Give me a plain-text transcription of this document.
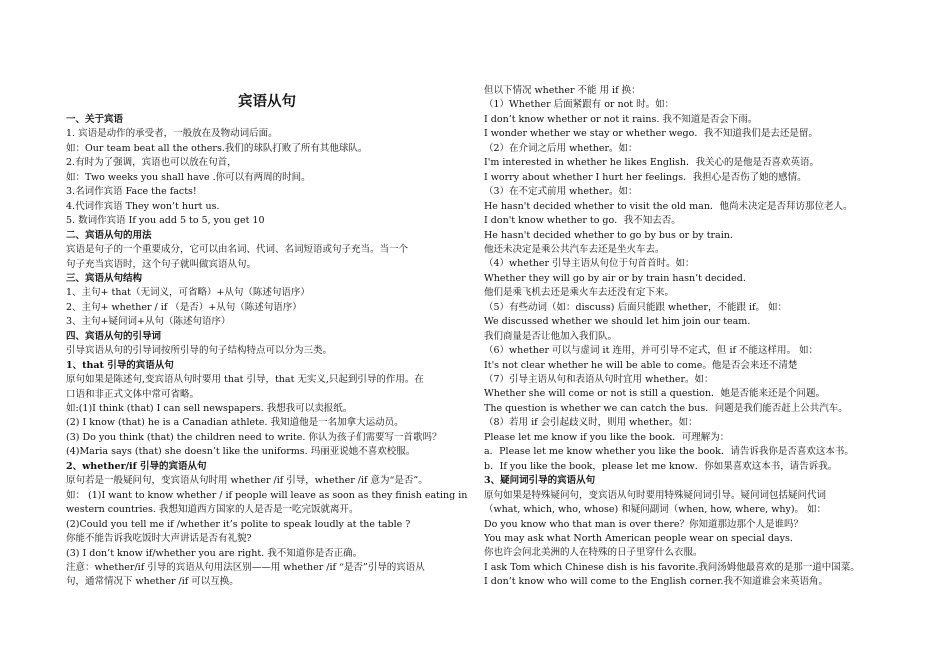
宾语从句
一、关于宾语
1. 宾语是动作的承受者，一般放在及物动词后面。
如：Our team beat all the others.我们的球队打败了所有其他球队。
2.有时为了强调，宾语也可以放在句首，
如：Two weeks you shall have .你可以有两周的时间。
3.名词作宾语 Face the facts!
4.代词作宾语 They won’t hurt us.
5. 数词作宾语 If you add 5 to 5, you get 10
二、宾语从句的用法
宾语是句子的一个重要成分，它可以由名词、代词、名词短语或句子充当。当一个
句子充当宾语时，这个句子就叫做宾语从句。
三、宾语从句结构
1、主句+ that（无词义，可省略）+从句（陈述句语序）
2、主句+ whether / if （是否）+从句（陈述句语序）
3、主句+疑问词+从句（陈述句语序）
四、宾语从句的引导词
引导宾语从句的引导词按所引导的句子结构特点可以分为三类。
1、that 引导的宾语从句
原句如果是陈述句,变宾语从句时要用 that 引导，that 无实义,只起到引导的作用。在
口语和非正式文体中常可省略。
如:(1)I think (that) I can sell newspapers. 我想我可以卖报纸。
(2) I know (that) he is a Canadian athlete. 我知道他是一名加拿大运动员。
(3) Do you think (that) the children need to write. 你认为孩子们需要写一首歌吗？
(4)Maria says (that) she doesn’t like the uniforms. 玛丽亚说她不喜欢校服。
2、whether/if 引导的宾语从句
原句若是一般疑问句，变宾语从句时用 whether /if 引导，whether /if 意为“是否”。
如： (1)I want to know whether / if people will leave as soon as they finish eating in
western countries. 我想知道西方国家的人是否是一吃完饭就离开。
(2)Could you tell me if /whether it’s polite to speak loudly at the table ?
你能不能告诉我吃饭时大声讲话是否有礼貌?
(3) I don’t know if/whether you are right. 我不知道你是否正确。
注意：whether/if 引导的宾语从句用法区别——用 whether /if “是否”引导的宾语从
句，通常情况下 whether /if 可以互换。
但以下情况 whether 不能 用 if 换：
（1）Whether 后面紧跟有 or not 时。如：
I don’t know whether or not it rains. 我不知道是否会下雨。
I wonder whether we stay or whether wego．我不知道我们是去还是留。
（2）在介词之后用 whether。如：
I'm interested in whether he likes English．我关心的是他是否喜欢英语。
I worry about whether I hurt her feelings．我担心是否伤了她的感情。
（3）在不定式前用 whether。如：
He hasn't decided whether to visit the old man．他尚未决定是否拜访那位老人。
I don't know whether to go．我不知去否。
He hasn't decided whether to go by bus or by train．
他还未决定是乘公共汽车去还是坐火车去。
（4）whether 引导主语从句位于句首首时。如：
Whether they will go by air or by train hasn’t decided.
他们是乘飞机去还是乘火车去还没有定下来。
（5）有些动词（如：discuss) 后面只能跟 whether，不能跟 if。 如：
We discussed whether we should let him join our team.
我们商量是否让他加入我们队。
（6）whether 可以与虚词 it 连用，并可引导不定式，但 if 不能这样用。 如：
It's not clear whether he will be able to come。他是否会来还不清楚
（7）引导主语从句和表语从句时宜用 whether。如：
Whether she will come or not is still a question．她是否能来还是个问题。
The question is whether we can catch the bus．问题是我们能否赶上公共汽车。
（8）若用 if 会引起歧义时，则用 whether。如：
Please let me know if you like the book．可理解为：
a．Please let me know whether you like the book．请告诉我你是否喜欢这本书。
b．If you like the book，please let me know．你如果喜欢这本书，请告诉我。
3、疑问词引导的宾语从句
原句如果是特殊疑问句，变宾语从句时要用特殊疑问词引导。疑问词包括疑问代词
（what, which, who, whose) 和疑问副词（when, how, where, why)。 如：
Do you know who that man is over there？你知道那边那个人是谁吗？
You may ask what North American people wear on special days.
你也许会问北美洲的人在特殊的日子里穿什么衣服。
I ask Tom which Chinese dish is his favorite.我问汤姆他最喜欢的是那一道中国菜。
I don’t know who will come to the English corner.我不知道谁会来英语角。
